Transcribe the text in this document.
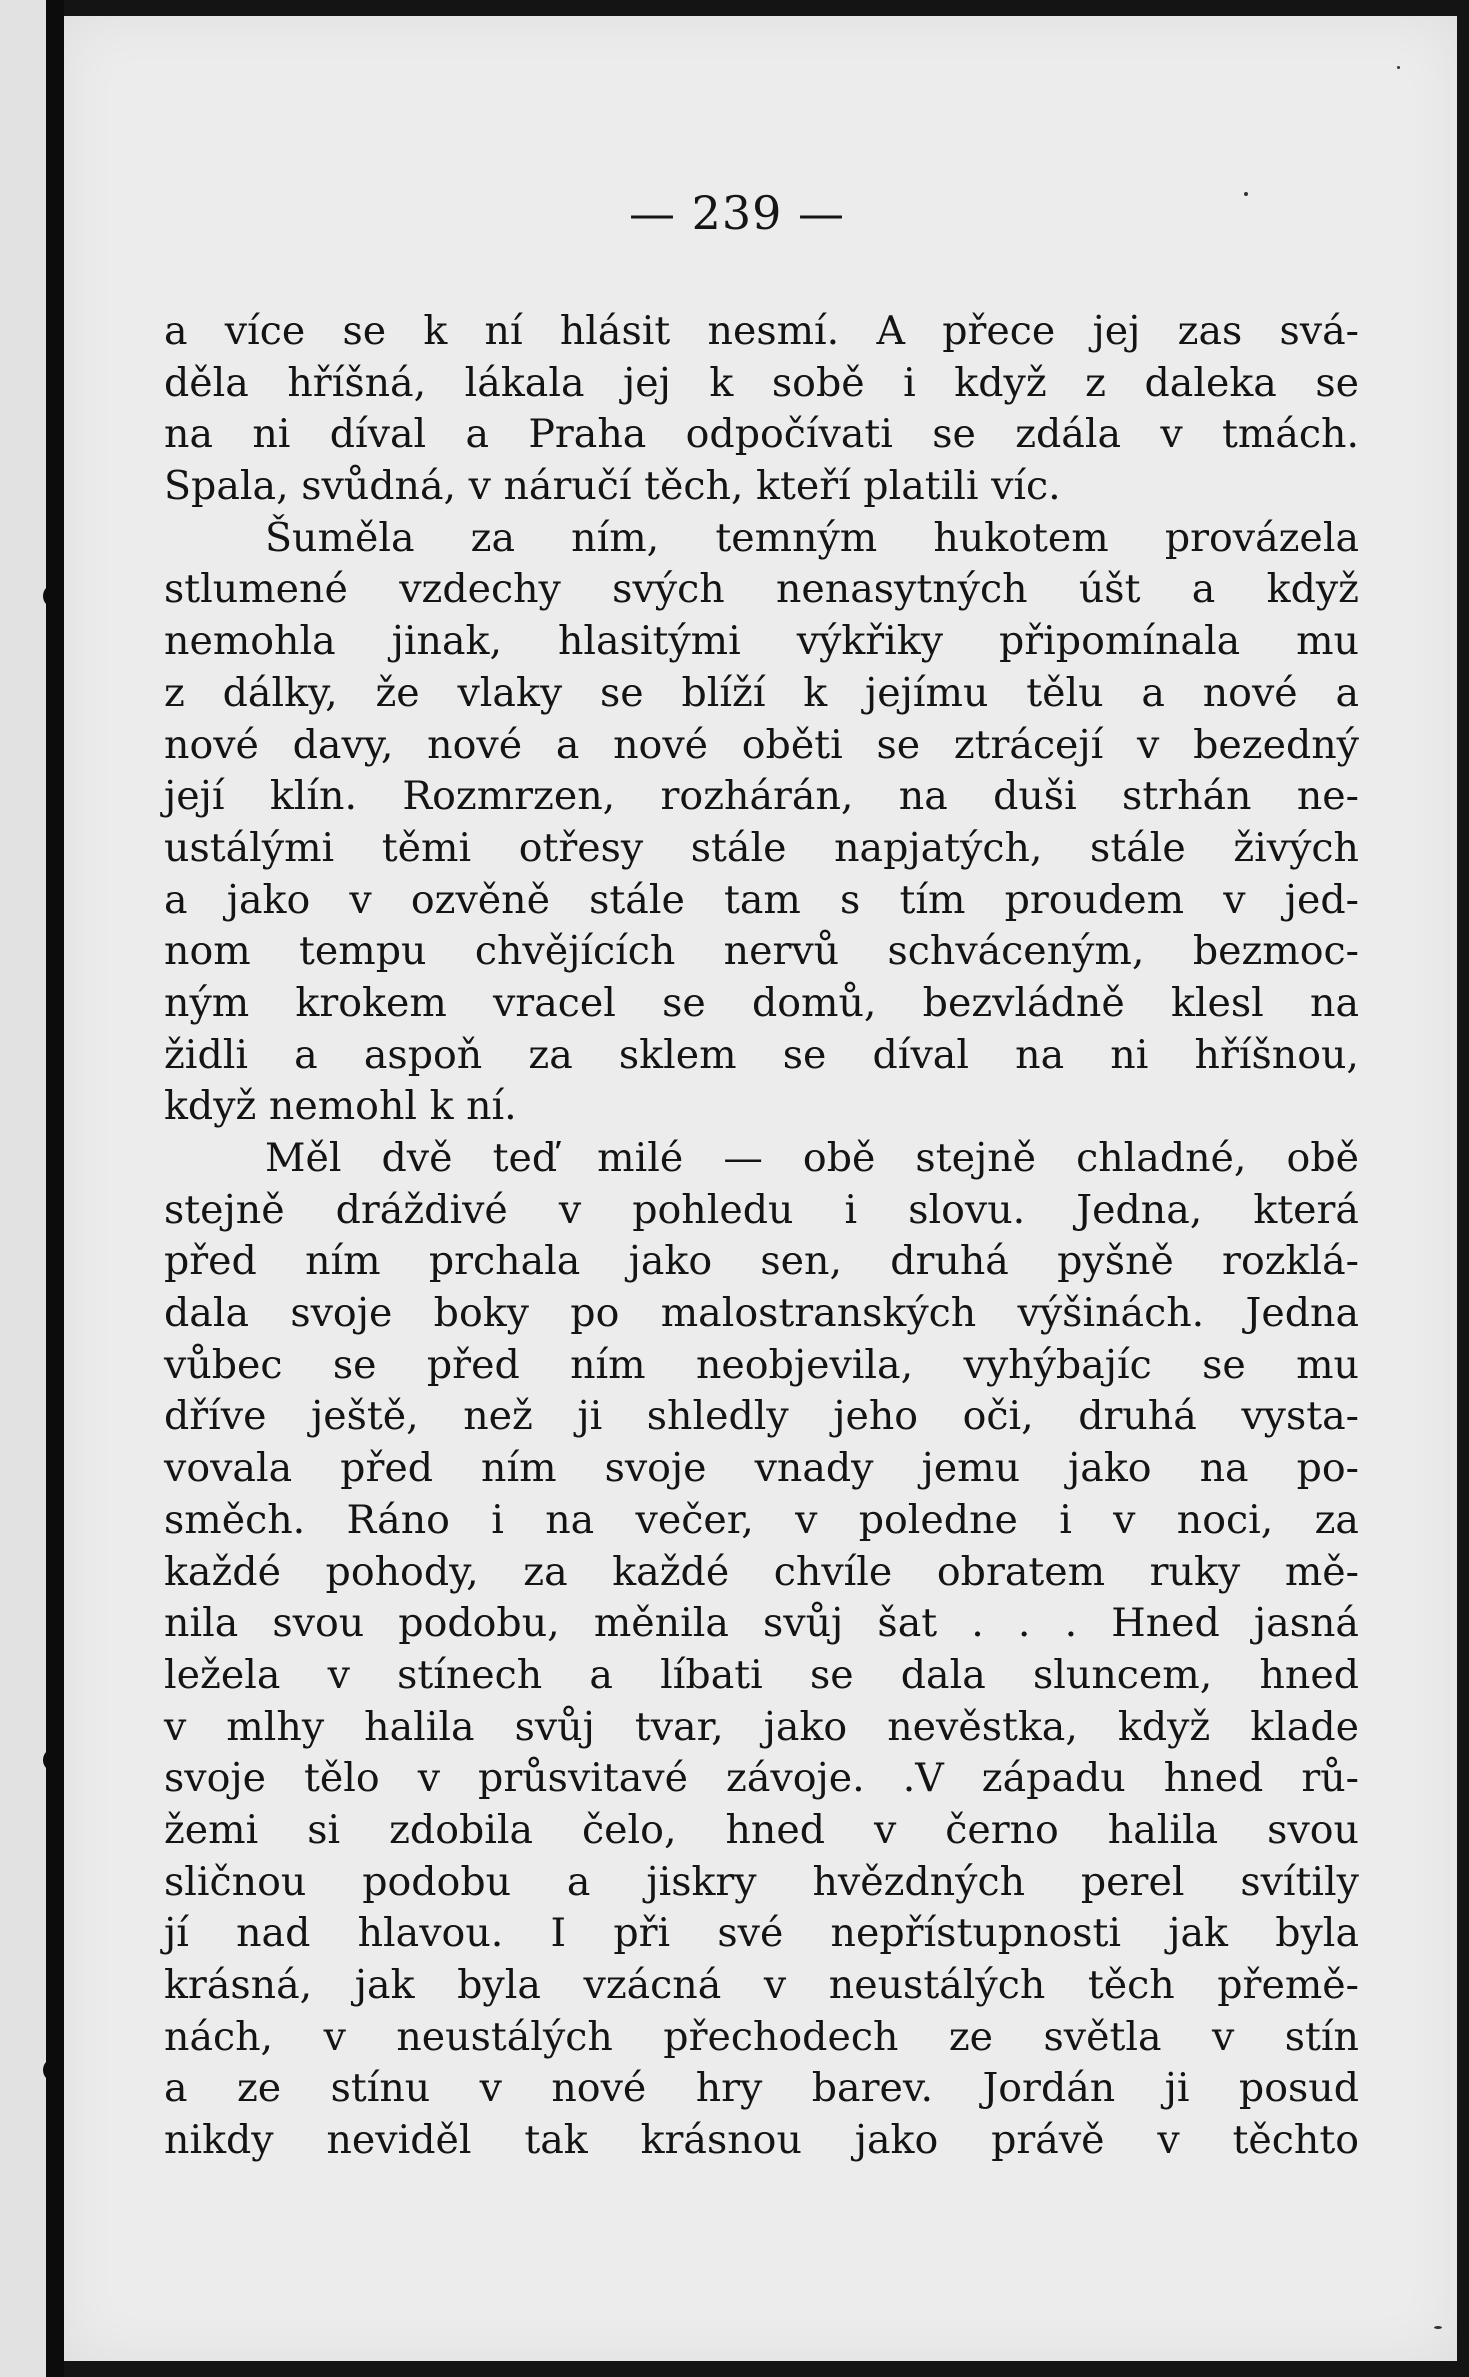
— 239 —
a více se k ní hlásit nesmí. A přece jej zas svá-
děla hříšná, lákala jej k sobě i když z daleka se
na ni díval a Praha odpočívati se zdála v tmách.
Spala, svůdná, v náručí těch, kteří platili víc.
Šuměla za ním, temným hukotem provázela
stlumené vzdechy svých nenasytných úšt a když
nemohla jinak, hlasitými výkřiky připomínala mu
z dálky, že vlaky se blíží k jejímu tělu a nové a
nové davy, nové a nové oběti se ztrácejí v bezedný
její klín. Rozmrzen, rozhárán, na duši strhán ne-
ustálými těmi otřesy stále napjatých, stále živých
a jako v ozvěně stále tam s tím proudem v jed-
nom tempu chvějících nervů schváceným, bezmoc-
ným krokem vracel se domů, bezvládně klesl na
židli a aspoň za sklem se díval na ni hříšnou,
když nemohl k ní.
Měl dvě teď milé — obě stejně chladné, obě
stejně dráždivé v pohledu i slovu. Jedna, která
před ním prchala jako sen, druhá pyšně rozklá-
dala svoje boky po malostranských výšinách. Jedna
vůbec se před ním neobjevila, vyhýbajíc se mu
dříve ještě, než ji shledly jeho oči, druhá vysta-
vovala před ním svoje vnady jemu jako na po-
směch. Ráno i na večer, v poledne i v noci, za
každé pohody, za každé chvíle obratem ruky mě-
nila svou podobu, měnila svůj šat . . . Hned jasná
ležela v stínech a líbati se dala sluncem, hned
v mlhy halila svůj tvar, jako nevěstka, když klade
svoje tělo v průsvitavé závoje. .V západu hned rů-
žemi si zdobila čelo, hned v černo halila svou
sličnou podobu a jiskry hvězdných perel svítily
jí nad hlavou. I při své nepřístupnosti jak byla
krásná, jak byla vzácná v neustálých těch přemě-
nách, v neustálých přechodech ze světla v stín
a ze stínu v nové hry barev. Jordán ji posud
nikdy neviděl tak krásnou jako právě v těchto
